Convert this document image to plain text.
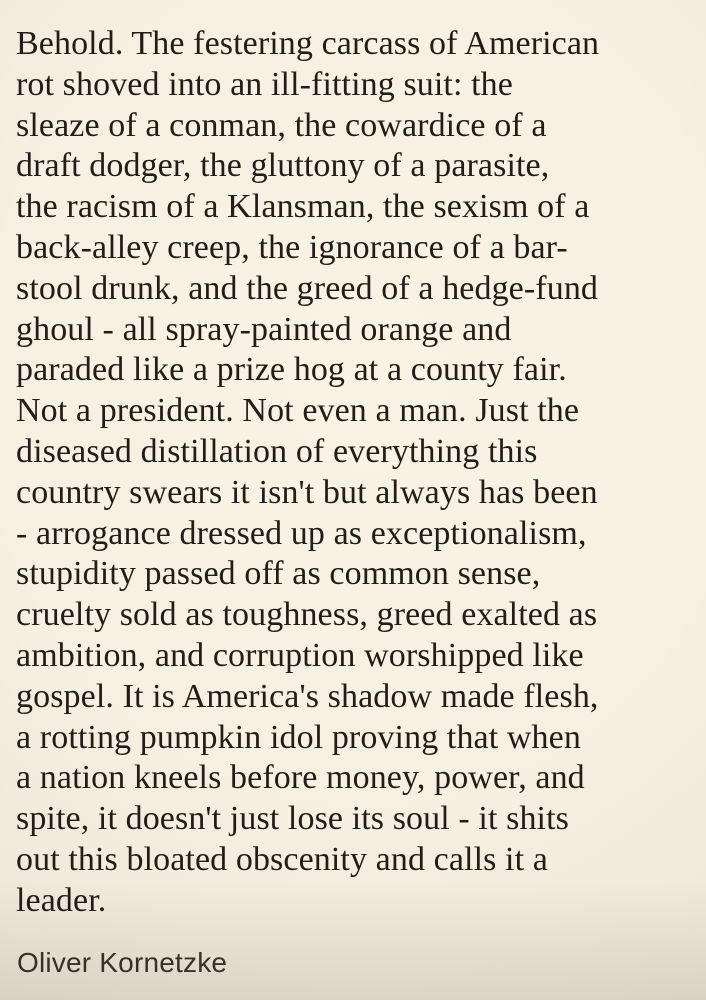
Behold. The festering carcass of American
rot shoved into an ill-fitting suit: the
sleaze of a conman, the cowardice of a
draft dodger, the gluttony of a parasite,
the racism of a Klansman, the sexism of a
back-alley creep, the ignorance of a bar-
stool drunk, and the greed of a hedge-fund
ghoul - all spray-painted orange and
paraded like a prize hog at a county fair.
Not a president. Not even a man. Just the
diseased distillation of everything this
country swears it isn't but always has been
- arrogance dressed up as exceptionalism,
stupidity passed off as common sense,
cruelty sold as toughness, greed exalted as
ambition, and corruption worshipped like
gospel. It is America's shadow made flesh,
a rotting pumpkin idol proving that when
a nation kneels before money, power, and
spite, it doesn't just lose its soul - it shits
out this bloated obscenity and calls it a
leader.
Oliver Kornetzke
